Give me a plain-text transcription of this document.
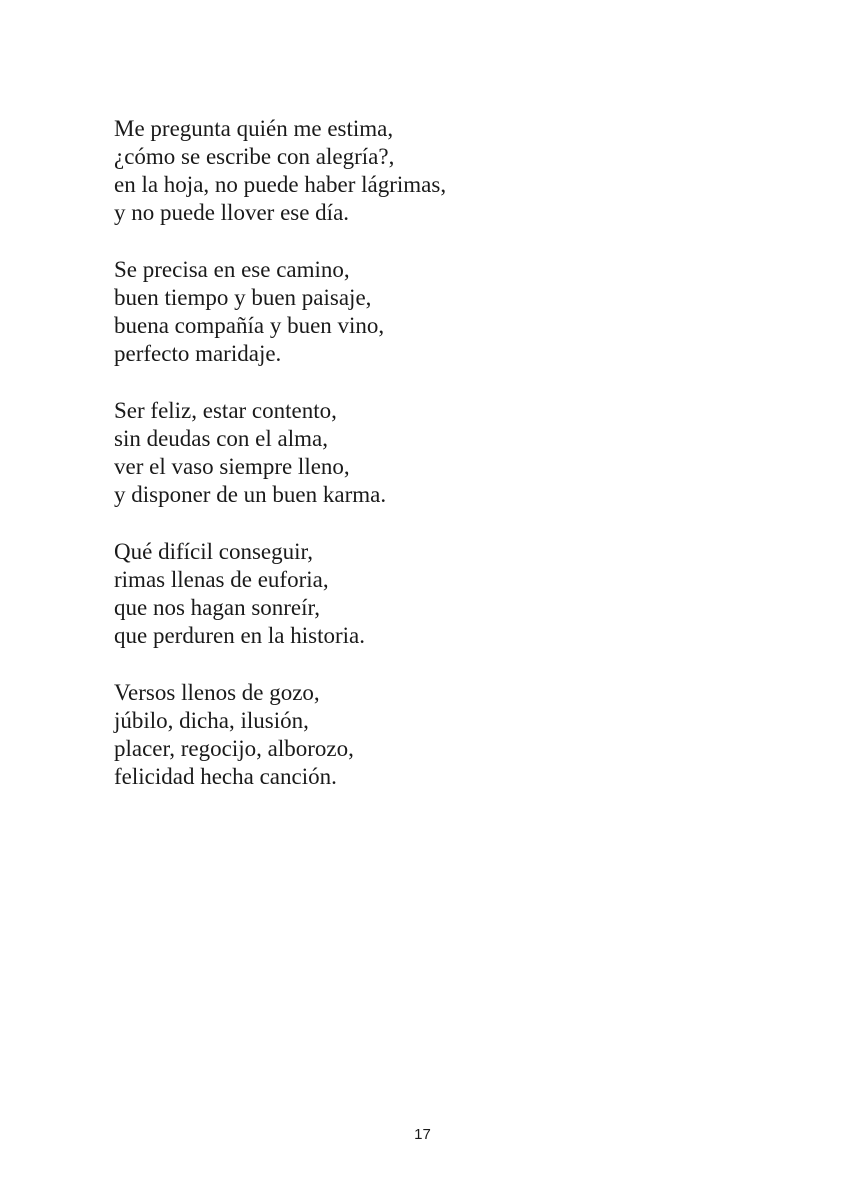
Me pregunta quién me estima,
¿cómo se escribe con alegría?,
en la hoja, no puede haber lágrimas,
y no puede llover ese día.
Se precisa en ese camino,
buen tiempo y buen paisaje,
buena compañía y buen vino,
perfecto maridaje.
Ser feliz, estar contento,
sin deudas con el alma,
ver el vaso siempre lleno,
y disponer de un buen karma.
Qué difícil conseguir,
rimas llenas de euforia,
que nos hagan sonreír,
que perduren en la historia.
Versos llenos de gozo,
júbilo, dicha, ilusión,
placer, regocijo, alborozo,
felicidad hecha canción.
17
